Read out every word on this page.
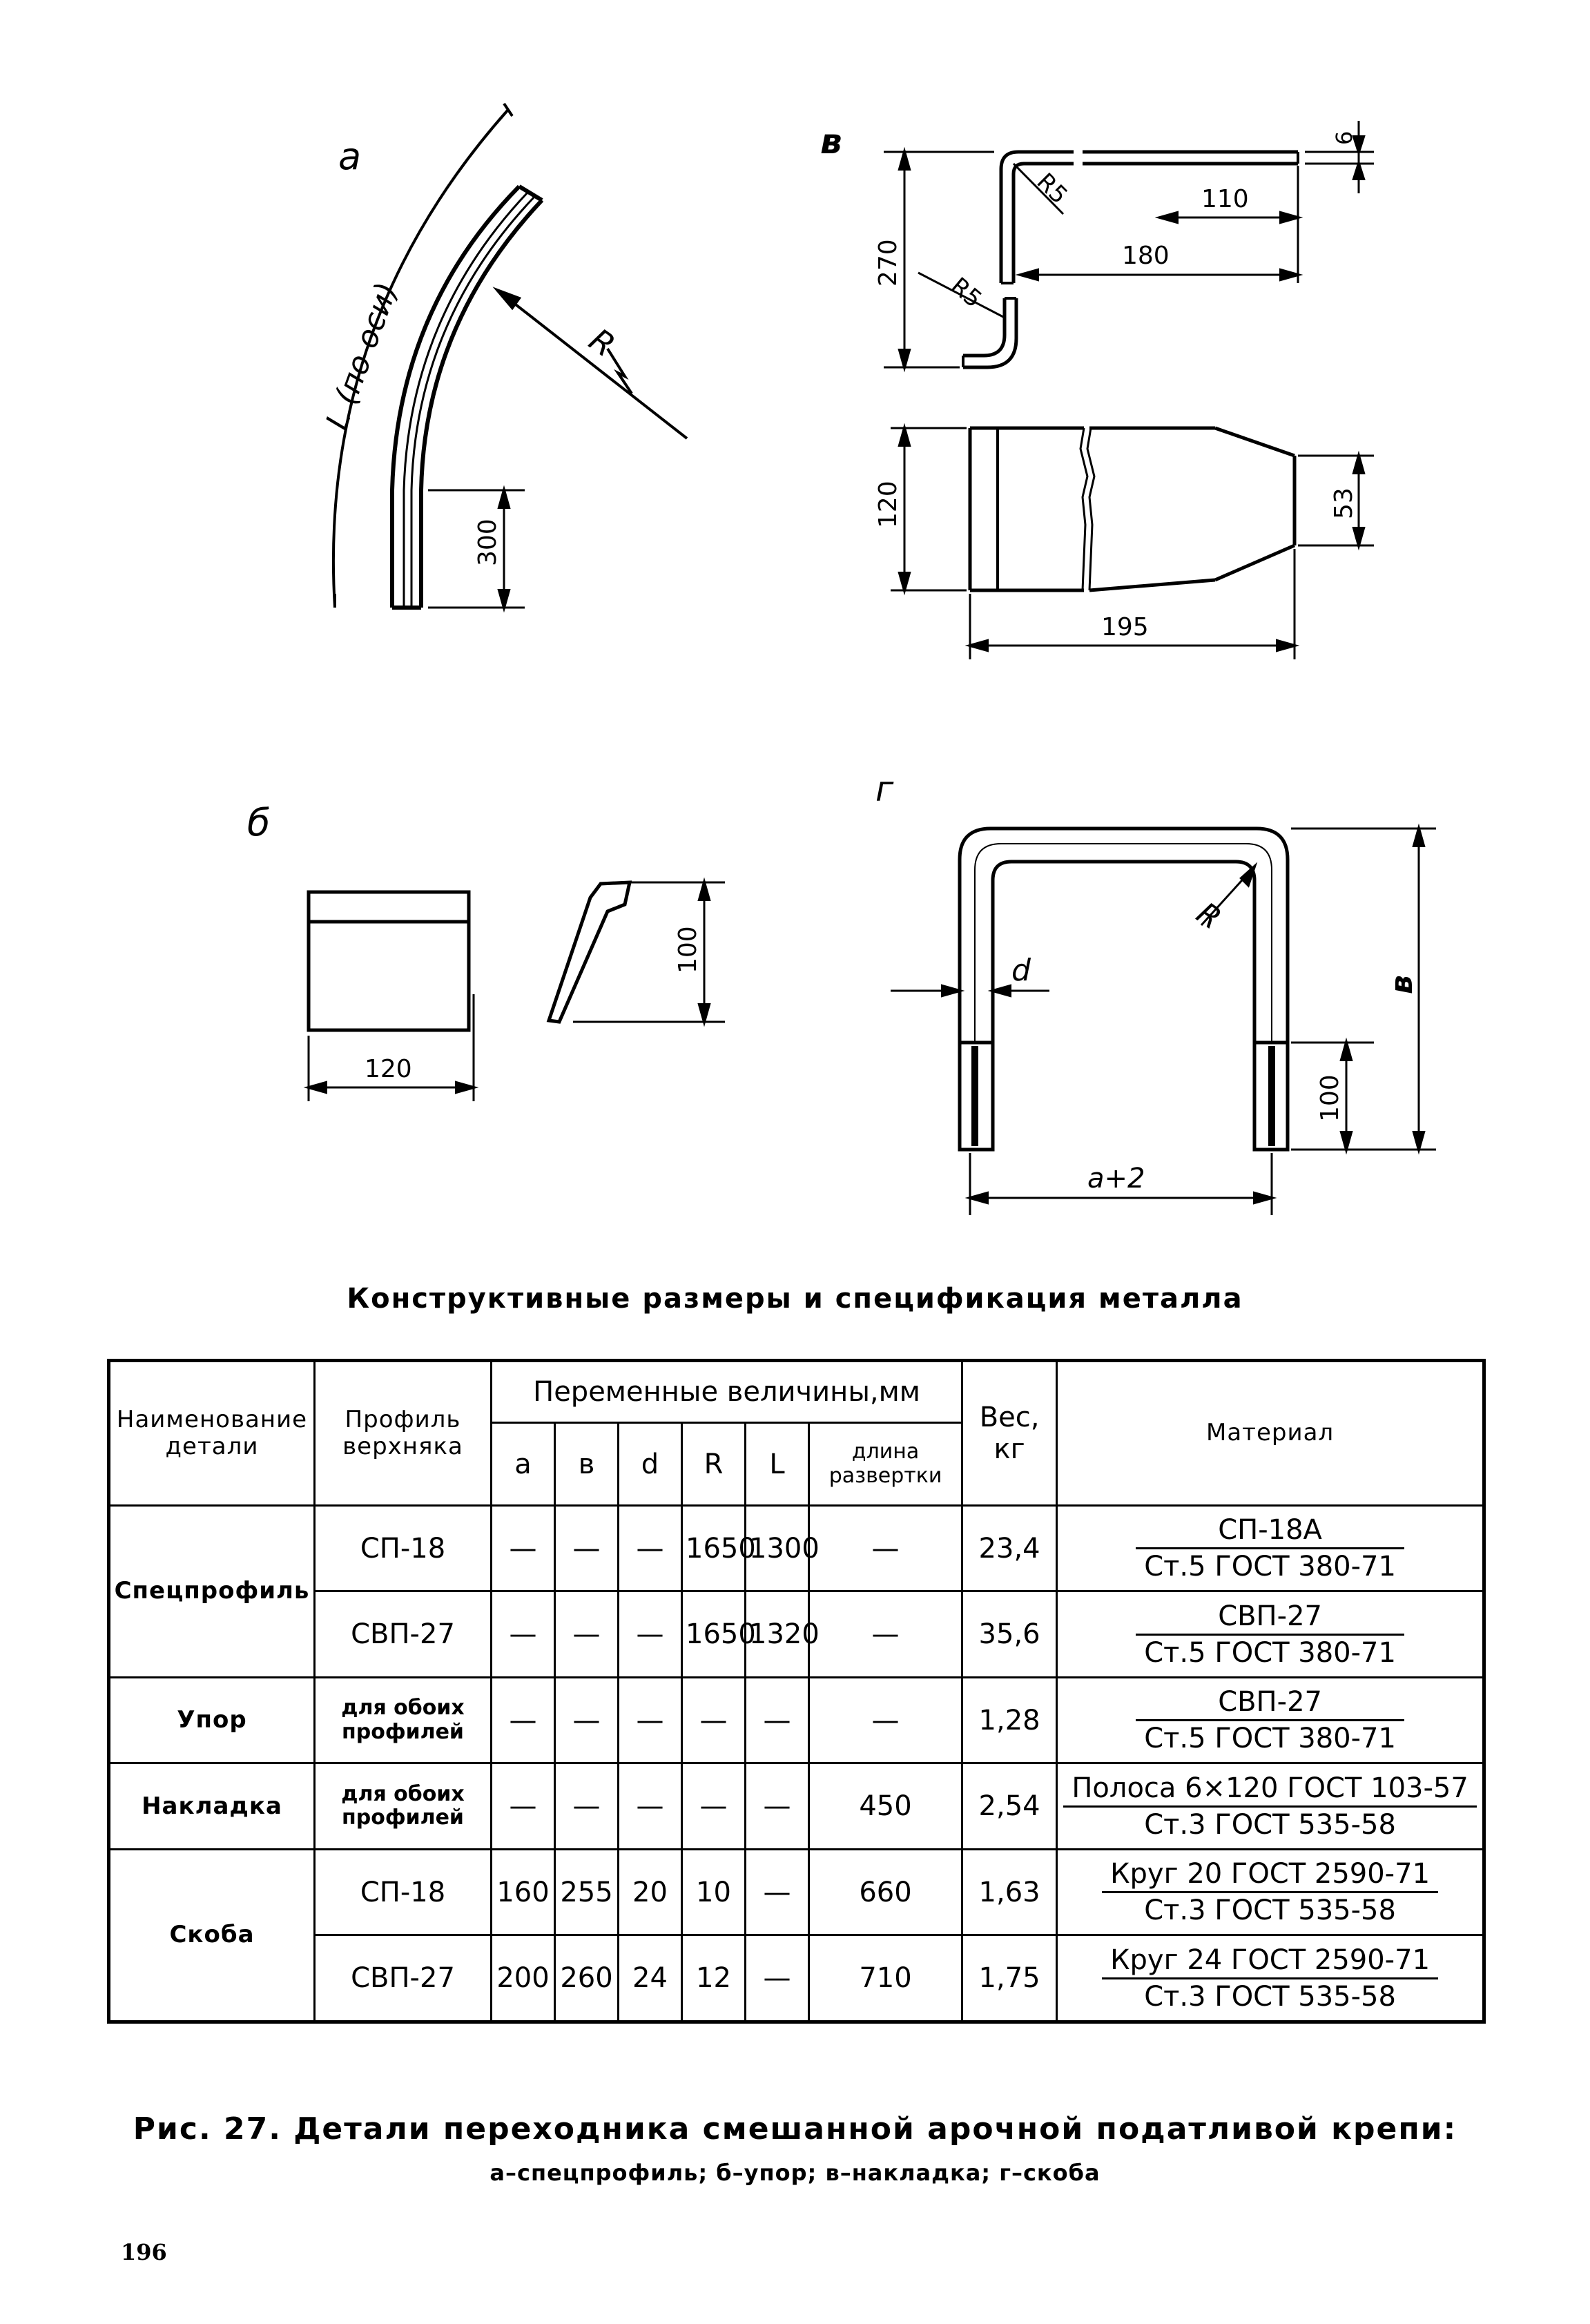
а
300
L (по оси)	R
в
270
R5
R5
6
110
180
120	53
195
б
120
100
г
d
R
в
100
а+2
Конструктивные размеры и спецификация металла
Наименование детали	Профиль верхняка	Переменные величины,мм						Вес, кг	Материал
		а	в	d	R	L	длина развертки		
Спецпрофиль	СП-18	—	—	—	1650	1300	—	23,4	$\frac{СП-18А}{\text{Ст.5 ГОСТ 380-71}}$

	СВП-27	—	—	—	1650	1320	—	35,6	$\frac{\text{СВП-27}}{\text{Ст.5 ГОСТ 380-71}}$

Упор	для обоих профилей	—	—	—	—	—	—	1,28	$\frac{\text{СВП-27}}{\text{Ст.5 ГОСТ 380-71}}$

Накладка	для обоих профилей	—	—	—	—	—	450	2,54	$\frac{\text{Полоса 6×120 ГОСТ 103-57}}{\text{Ст.3 ГОСТ 535-58}}$

Скоба	СП-18	160	255	20	10	—	660	1,63	$\frac{\text{Круг 20 ГОСТ 2590-71}}{\text{Ст.3 ГОСТ 535-58}}$

	СВП-27	200	260	24	12	—	710	1,75	$\frac{\text{Круг 24 ГОСТ 2590-71}}{\text{Ст.3 ГОСТ 535-58}}$
Рис. 27. Детали переходника смешанной арочной податливой крепи:
а–спецпрофиль; б–упор; в–накладка; г–скоба
196
